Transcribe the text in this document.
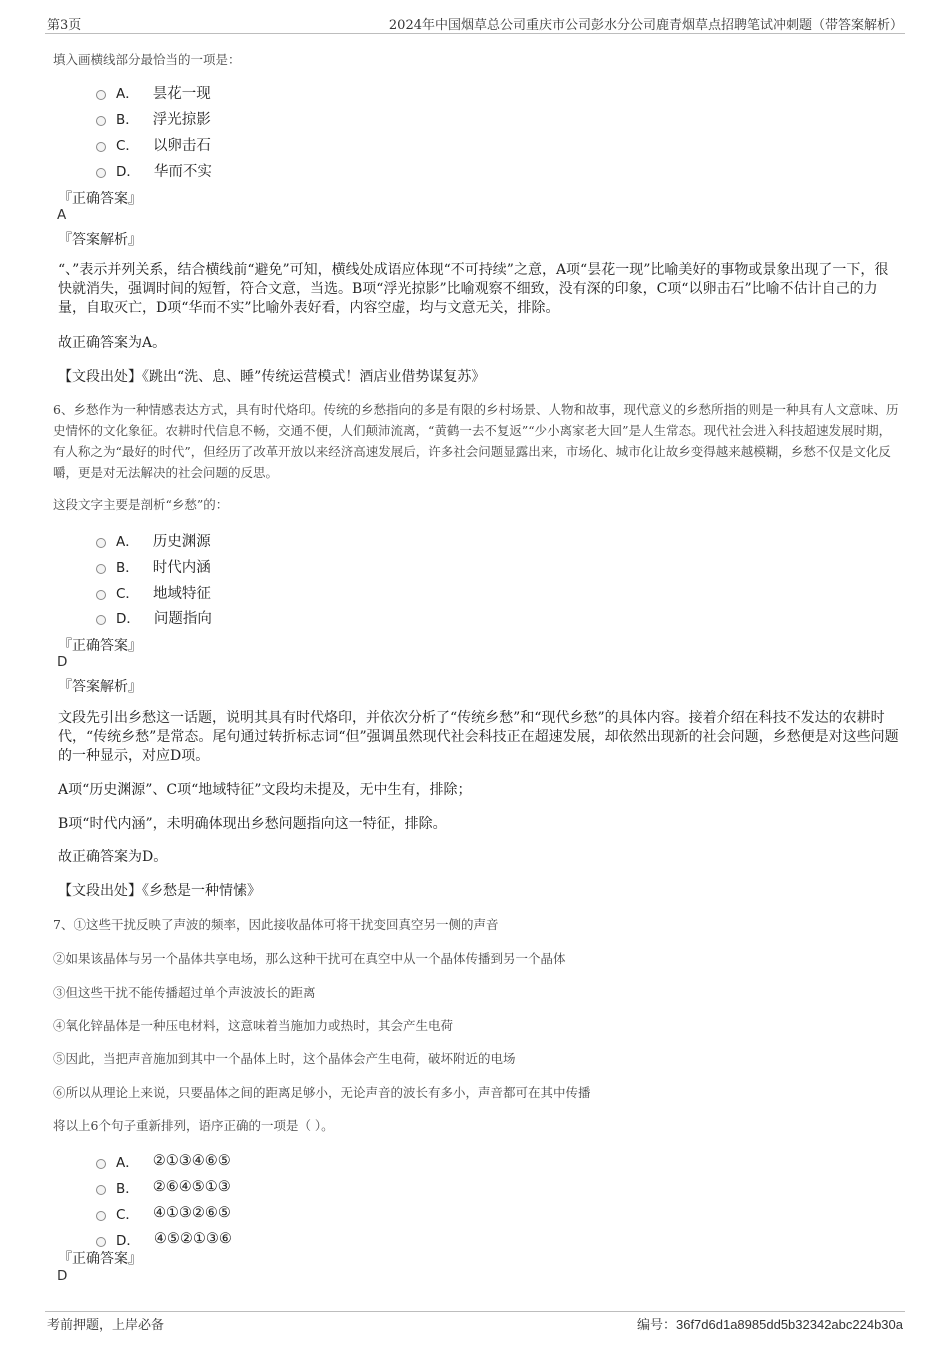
第3页	2024年中国烟草总公司重庆市公司彭水分公司鹿青烟草点招聘笔试冲刺题（带答案解析）
填入画横线部分最恰当的一项是：
A． 昙花一现
B． 浮光掠影
C． 以卵击石
D． 华而不实
『正确答案』
A
『答案解析』
“、”表示并列关系，结合横线前“避免”可知，横线处成语应体现“不可持续”之意，A项“昙花一现”比喻美好的事物或景象出现了一下，很快就消失，强调时间的短暂，符合文意，当选。B项“浮光掠影”比喻观察不细致，没有深的印象，C项“以卵击石”比喻不估计自己的力量，自取灭亡，D项“华而不实”比喻外表好看，内容空虚，均与文意无关，排除。
故正确答案为A。
【文段出处】《跳出“洗、息、睡”传统运营模式！酒店业借势谋复苏》
6、乡愁作为一种情感表达方式，具有时代烙印。传统的乡愁指向的多是有限的乡村场景、人物和故事，现代意义的乡愁所指的则是一种具有人文意味、历史情怀的文化象征。农耕时代信息不畅，交通不便，人们颠沛流离，“黄鹤一去不复返”“少小离家老大回”是人生常态。现代社会进入科技超速发展时期，有人称之为“最好的时代”，但经历了改革开放以来经济高速发展后，许多社会问题显露出来，市场化、城市化让故乡变得越来越模糊，乡愁不仅是文化反嚼，更是对无法解决的社会问题的反思。
这段文字主要是剖析“乡愁”的：
A． 历史渊源
B． 时代内涵
C． 地域特征
D． 问题指向
『正确答案』
D
『答案解析』
文段先引出乡愁这一话题，说明其具有时代烙印，并依次分析了“传统乡愁”和“现代乡愁”的具体内容。接着介绍在科技不发达的农耕时代，“传统乡愁”是常态。尾句通过转折标志词“但”强调虽然现代社会科技正在超速发展，却依然出现新的社会问题，乡愁便是对这些问题的一种显示，对应D项。
A项“历史渊源”、C项“地域特征”文段均未提及，无中生有，排除；
B项“时代内涵”，未明确体现出乡愁问题指向这一特征，排除。
故正确答案为D。
【文段出处】《乡愁是一种情愫》
7、①这些干扰反映了声波的频率，因此接收晶体可将干扰变回真空另一侧的声音
②如果该晶体与另一个晶体共享电场，那么这种干扰可在真空中从一个晶体传播到另一个晶体
③但这些干扰不能传播超过单个声波波长的距离
④氧化锌晶体是一种压电材料，这意味着当施加力或热时，其会产生电荷
⑤因此，当把声音施加到其中一个晶体上时，这个晶体会产生电荷，破坏附近的电场
⑥所以从理论上来说，只要晶体之间的距离足够小，无论声音的波长有多小，声音都可在其中传播
将以上6个句子重新排列，语序正确的一项是（ ）。
A． ②①③④⑥⑤
B． ②⑥④⑤①③
C． ④①③②⑥⑤
D． ④⑤②①③⑥
『正确答案』
D
考前押题，上岸必备	编号：36f7d6d1a8985dd5b32342abc224b30a
